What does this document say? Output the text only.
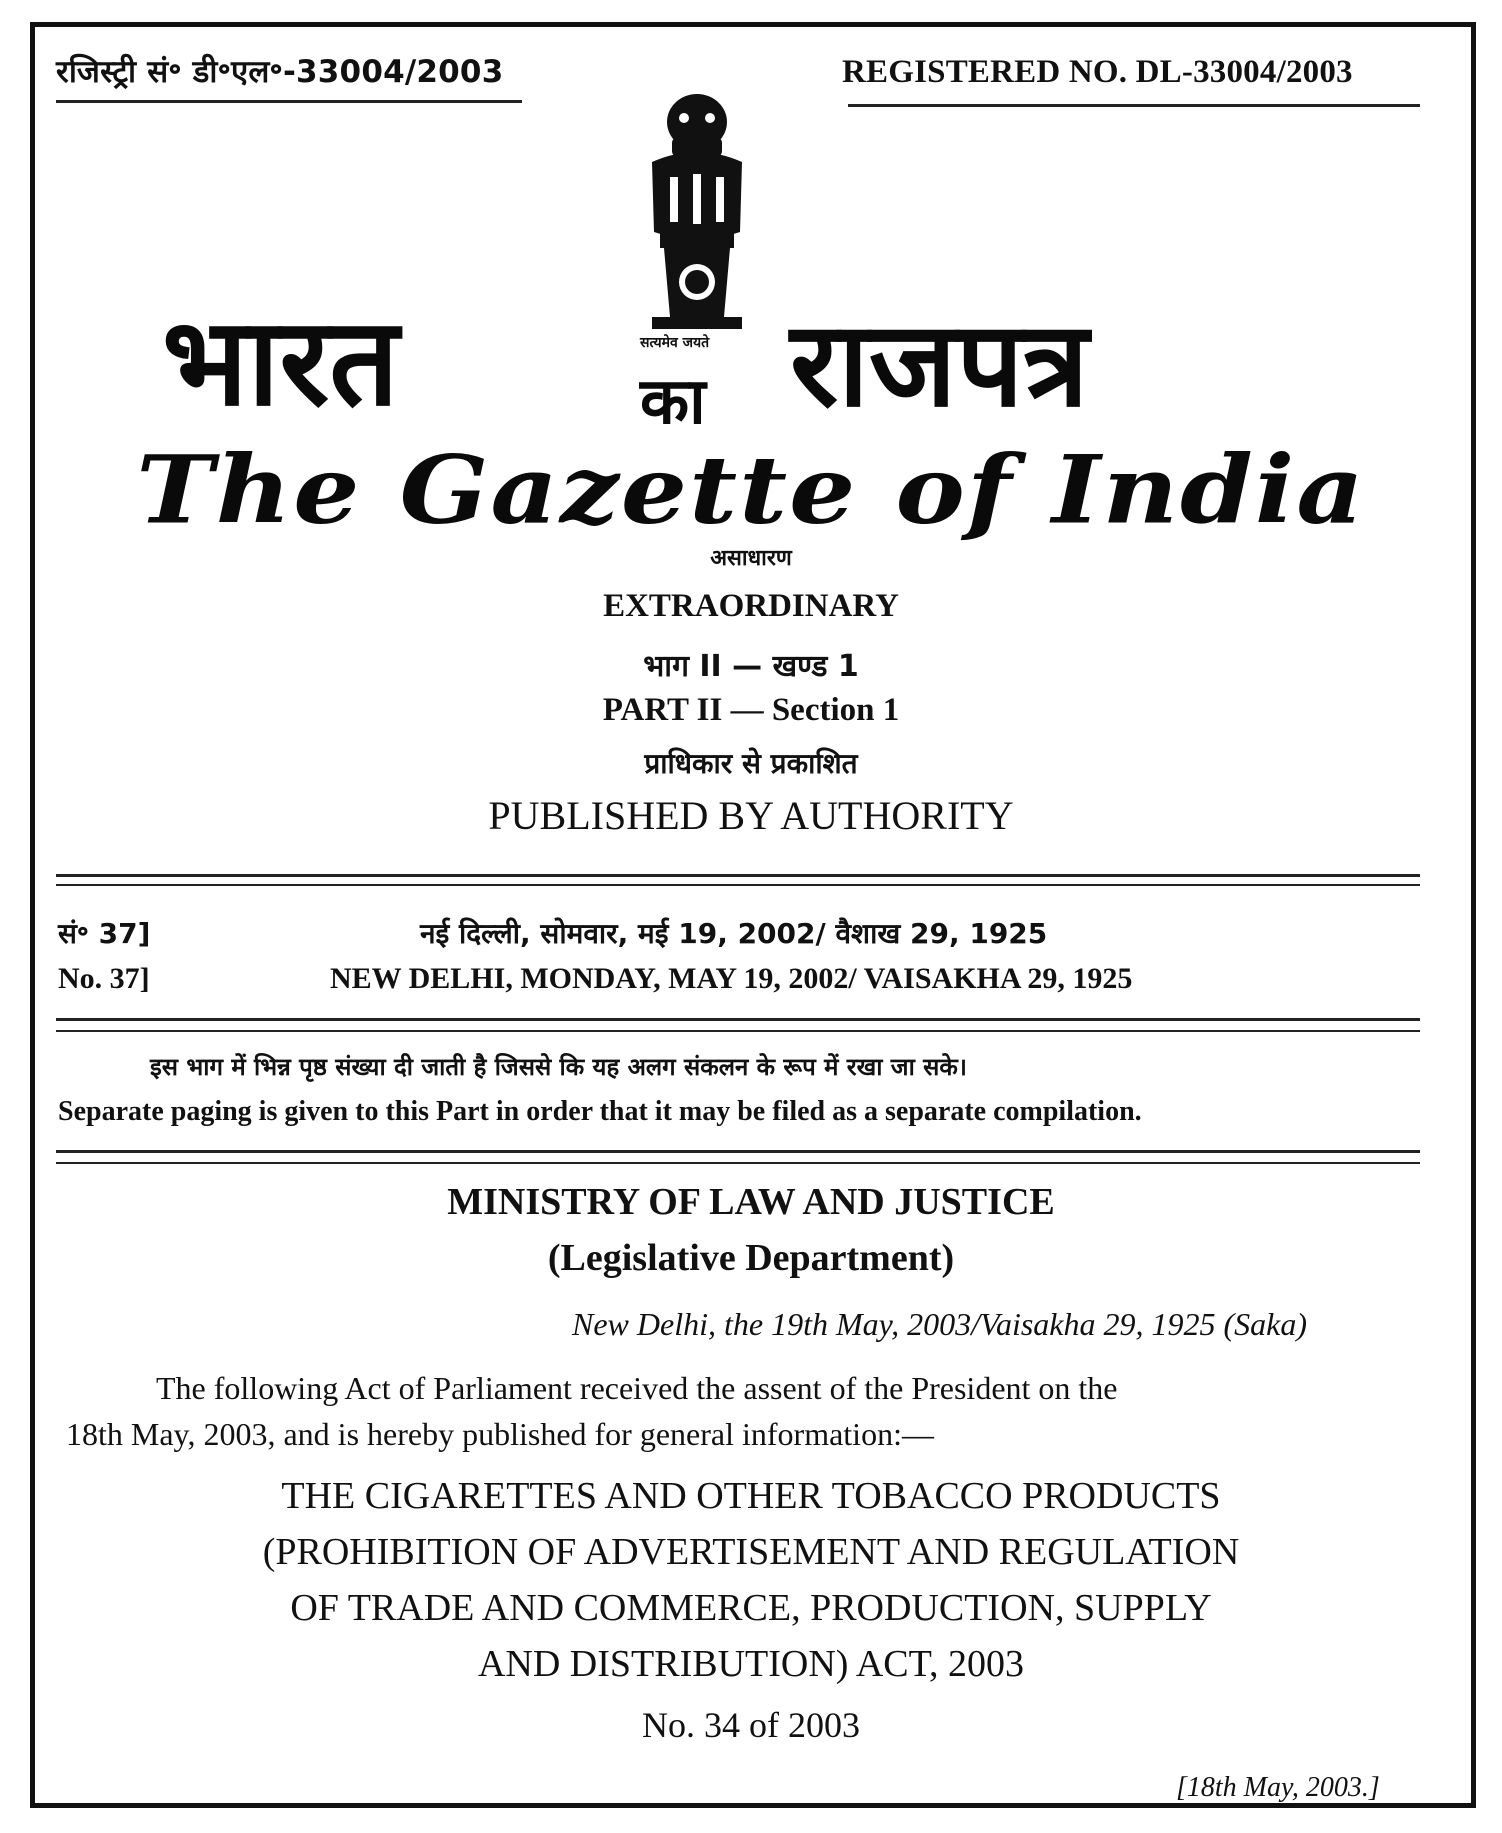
रजिस्ट्री सं॰ डी॰एल॰-33004/2003	REGISTERED NO. DL-33004/2003
सत्यमेव जयते
भारत	का राजपत्र
The Gazette of India
असाधारण
EXTRAORDINARY
भाग II — खण्ड 1
PART II — Section 1
प्राधिकार से प्रकाशित
PUBLISHED BY AUTHORITY
सं॰ 37]
No. 37]
नई दिल्ली, सोमवार, मई 19, 2002/ वैशाख 29, 1925
NEW DELHI, MONDAY, MAY 19, 2002/ VAISAKHA 29, 1925
इस भाग में भिन्न पृष्ठ संख्या दी जाती है जिससे कि यह अलग संकलन के रूप में रखा जा सके।
Separate paging is given to this Part in order that it may be filed as a separate compilation.
MINISTRY OF LAW AND JUSTICE
(Legislative Department)
New Delhi, the 19th May, 2003/Vaisakha 29, 1925 (Saka)
The following Act of Parliament received the assent of the President on the
18th May, 2003, and is hereby published for general information:—
THE CIGARETTES AND OTHER TOBACCO PRODUCTS
(PROHIBITION OF ADVERTISEMENT AND REGULATION
OF TRADE AND COMMERCE, PRODUCTION, SUPPLY
AND DISTRIBUTION) ACT, 2003
No. 34 of 2003
[18th May, 2003.]
